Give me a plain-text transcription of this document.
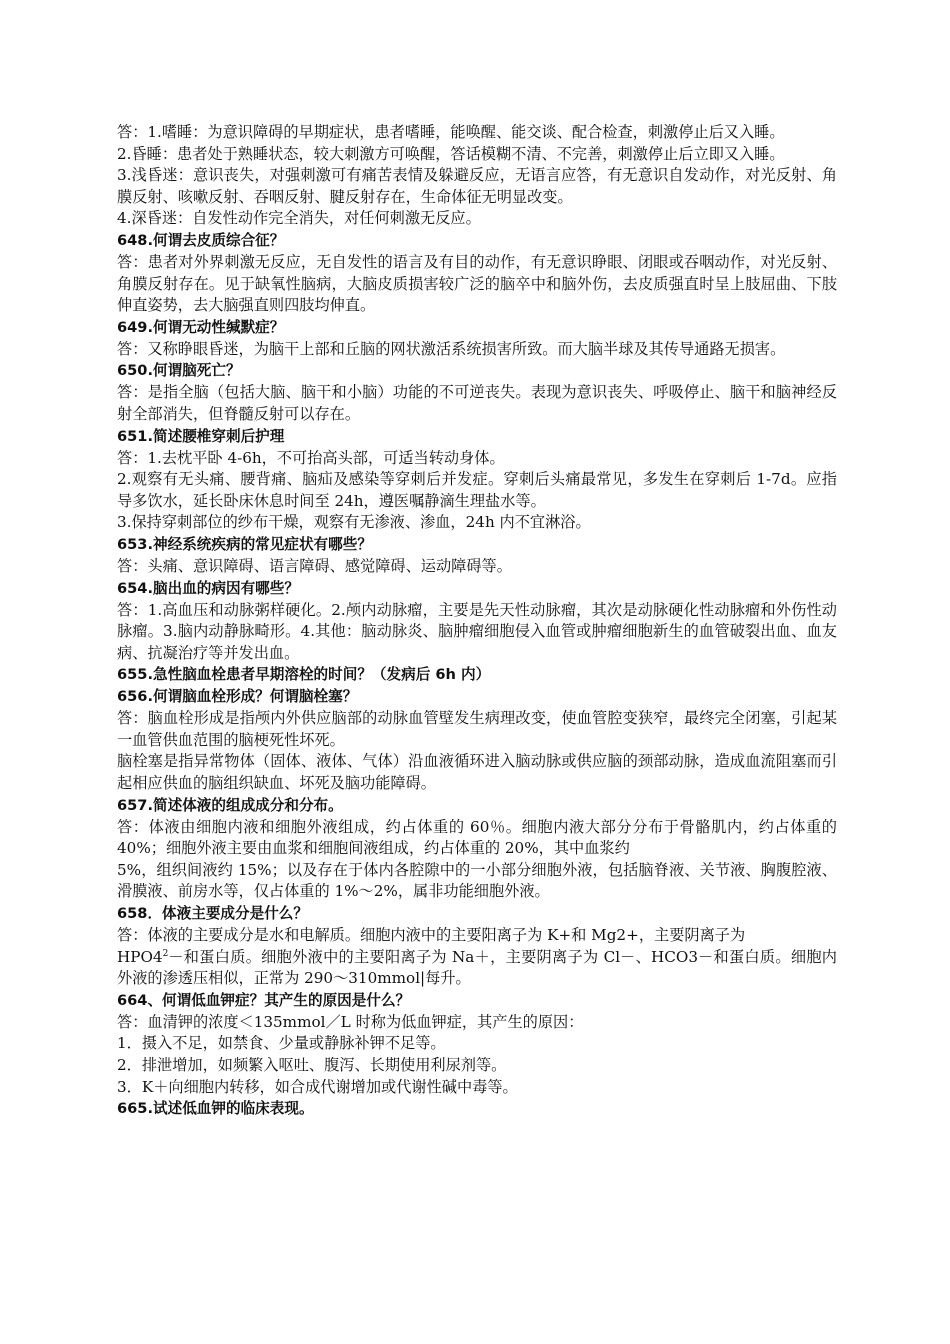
答：1.嗜睡：为意识障碍的早期症状，患者嗜睡，能唤醒、能交谈、配合检查，刺激停止后又入睡。

2.昏睡：患者处于熟睡状态，较大刺激方可唤醒，答话模糊不清、不完善，刺激停止后立即又入睡。

3.浅昏迷：意识丧失，对强刺激可有痛苦表情及躲避反应，无语言应答，有无意识自发动作，对光反射、角膜反射、咳嗽反射、吞咽反射、腱反射存在，生命体征无明显改变。

4.深昏迷：自发性动作完全消失，对任何刺激无反应。

648.何谓去皮质综合征？

答：患者对外界刺激无反应，无自发性的语言及有目的动作，有无意识睁眼、闭眼或吞咽动作，对光反射、角膜反射存在。见于缺氧性脑病，大脑皮质损害较广泛的脑卒中和脑外伤，去皮质强直时呈上肢屈曲、下肢伸直姿势，去大脑强直则四肢均伸直。

649.何谓无动性缄默症？

答：又称睁眼昏迷，为脑干上部和丘脑的网状激活系统损害所致。而大脑半球及其传导通路无损害。

650.何谓脑死亡？

答：是指全脑（包括大脑、脑干和小脑）功能的不可逆丧失。表现为意识丧失、呼吸停止、脑干和脑神经反射全部消失，但脊髓反射可以存在。

651.简述腰椎穿刺后护理

答：1.去枕平卧 4-6h，不可抬高头部，可适当转动身体。

2.观察有无头痛、腰背痛、脑疝及感染等穿刺后并发症。穿刺后头痛最常见，多发生在穿刺后 1-7d。应指导多饮水，延长卧床休息时间至 24h，遵医嘱静滴生理盐水等。

3.保持穿刺部位的纱布干燥，观察有无渗液、渗血，24h 内不宜淋浴。

653.神经系统疾病的常见症状有哪些？

答：头痛、意识障碍、语言障碍、感觉障碍、运动障碍等。

654.脑出血的病因有哪些？

答：1.高血压和动脉粥样硬化。2.颅内动脉瘤，主要是先天性动脉瘤，其次是动脉硬化性动脉瘤和外伤性动脉瘤。3.脑内动静脉畸形。4.其他：脑动脉炎、脑肿瘤细胞侵入血管或肿瘤细胞新生的血管破裂出血、血友病、抗凝治疗等并发出血。

655.急性脑血栓患者早期溶栓的时间？（发病后 6h 内）

656.何谓脑血栓形成？何谓脑栓塞？

答：脑血栓形成是指颅内外供应脑部的动脉血管壁发生病理改变，使血管腔变狭窄，最终完全闭塞，引起某一血管供血范围的脑梗死性坏死。

脑栓塞是指异常物体（固体、液体、气体）沿血液循环进入脑动脉或供应脑的颈部动脉，造成血流阻塞而引起相应供血的脑组织缺血、坏死及脑功能障碍。

657.简述体液的组成成分和分布。

答：体液由细胞内液和细胞外液组成，约占体重的 60％。细胞内液大部分分布于骨骼肌内，约占体重的 40%；细胞外液主要由血浆和细胞间液组成，约占体重的 20%，其中血浆约

5%，组织间液约 15%；以及存在于体内各腔隙中的一小部分细胞外液，包括脑脊液、关节液、胸腹腔液、滑膜液、前房水等，仅占体重的 1%～2%，属非功能细胞外液。

658．体液主要成分是什么？

答：体液的主要成分是水和电解质。细胞内液中的主要阳离子为 K+和 Mg2+，主要阴离子为

$HPO4^2-$和蛋白质。细胞外液中的主要阳离子为 Na＋，主要阴离子为 Cl－、HCO3－和蛋白质。细胞内外液的渗透压相似，正常为 290～310mmol|每升。

664、何谓低血钾症？其产生的原因是什么？

答：血清钾的浓度＜135mmol／L 时称为低血钾症，其产生的原因：

1．摄入不足，如禁食、少量或静脉补钾不足等。

2．排泄增加，如频繁入呕吐、腹泻、长期使用利尿剂等。

3．K＋向细胞内转移，如合成代谢增加或代谢性碱中毒等。

665.试述低血钾的临床表现。
